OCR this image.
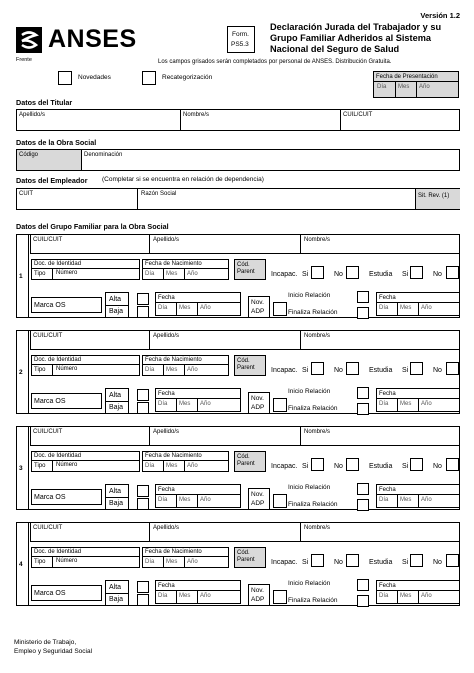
Versión 1.2
ANSES
Frente
Form.
PS5.3
Declaración Jurada del Trabajador y su
Grupo Familiar Adheridos al Sistema
Nacional del Seguro de Salud
Los campos grisados serán completados por personal de ANSES. Distribución Gratuita.
Novedades	Recategorización	Fecha de Presentación
Día Mes Año
Datos del Titular
Apellido/s	Nombre/s	CUIL/CUIT
Datos de la Obra Social
Código	Denominación
Datos del Empleador (Completar si se encuentra en relación de dependencia)
CUIT	Razón Social	Sit. Rev. (1)
Datos del Grupo Familiar para la Obra Social
1
CUIL/CUIT	Apellido/s	Nombre/s
Doc. de Identidad
Tipo Número
Fecha de Nacimiento
Día Mes Año
Cód.
Parent Incapac. Si	No	Estudia Si	No
Marca OS
Alta
Baja
Fecha
Día Mes Año
Nov.
ADP
Inicio Relación
Finaliza Relación
Fecha
Día Mes Año
2
CUIL/CUIT	Apellido/s	Nombre/s
Doc. de Identidad
Tipo Número
Fecha de Nacimiento
Día Mes Año
Cód.
Parent Incapac. Si	No	Estudia Si	No
Marca OS
Alta
Baja
Fecha
Día Mes Año
Nov.
ADP
Inicio Relación
Finaliza Relación
Fecha
Día Mes Año
3
CUIL/CUIT	Apellido/s	Nombre/s
Doc. de Identidad
Tipo Número
Fecha de Nacimiento
Día Mes Año
Cód.
Parent Incapac. Si	No	Estudia Si	No
Marca OS
Alta
Baja
Fecha
Día Mes Año
Nov.
ADP
Inicio Relación
Finaliza Relación
Fecha
Día Mes Año
4
CUIL/CUIT	Apellido/s	Nombre/s
Doc. de Identidad
Tipo Número
Fecha de Nacimiento
Día Mes Año
Cód.
Parent Incapac. Si	No	Estudia Si	No
Marca OS
Alta
Baja
Fecha
Día Mes Año
Nov.
ADP
Inicio Relación
Finaliza Relación
Fecha
Día Mes Año
Ministerio de Trabajo,
Empleo y Seguridad Social
